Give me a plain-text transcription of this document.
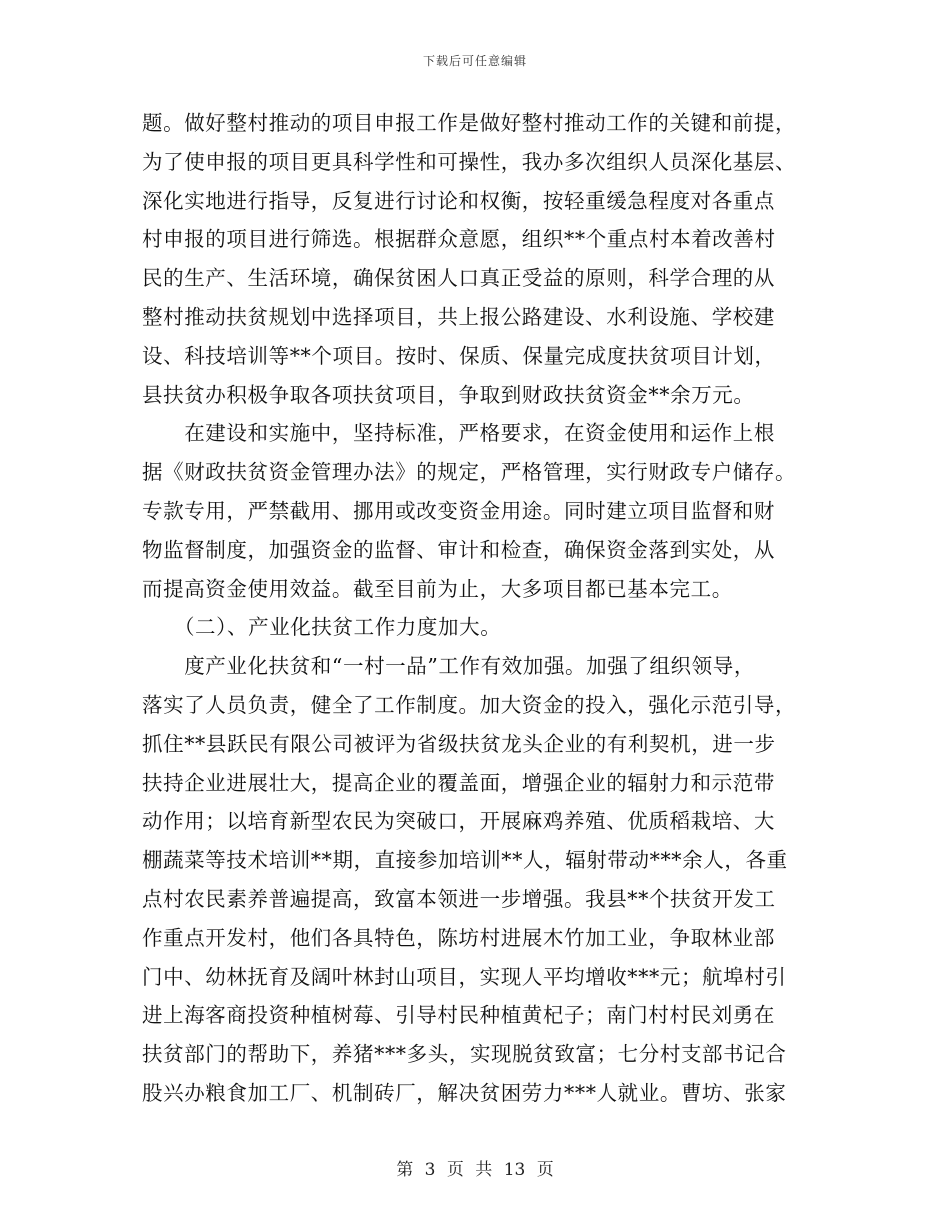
下载后可任意编辑
题。做好整村推动的项目申报工作是做好整村推动工作的关键和前提，
为了使申报的项目更具科学性和可操性，我办多次组织人员深化基层、
深化实地进行指导，反复进行讨论和权衡，按轻重缓急程度对各重点
村申报的项目进行筛选。根据群众意愿，组织**个重点村本着改善村
民的生产、生活环境，确保贫困人口真正受益的原则，科学合理的从
整村推动扶贫规划中选择项目，共上报公路建设、水利设施、学校建
设、科技培训等**个项目。按时、保质、保量完成度扶贫项目计划，
县扶贫办积极争取各项扶贫项目，争取到财政扶贫资金**余万元。
　　在建设和实施中，坚持标准，严格要求，在资金使用和运作上根
据《财政扶贫资金管理办法》的规定，严格管理，实行财政专户储存。
专款专用，严禁截用、挪用或改变资金用途。同时建立项目监督和财
物监督制度，加强资金的监督、审计和检查，确保资金落到实处，从
而提高资金使用效益。截至目前为止，大多项目都已基本完工。
　　（二）、产业化扶贫工作力度加大。
　　度产业化扶贫和“一村一品”工作有效加强。加强了组织领导，
落实了人员负责，健全了工作制度。加大资金的投入，强化示范引导，
抓住**县跃民有限公司被评为省级扶贫龙头企业的有利契机，进一步
扶持企业进展壮大，提高企业的覆盖面，增强企业的辐射力和示范带
动作用；以培育新型农民为突破口，开展麻鸡养殖、优质稻栽培、大
棚蔬菜等技术培训**期，直接参加培训**人，辐射带动***余人，各重
点村农民素养普遍提高，致富本领进一步增强。我县**个扶贫开发工
作重点开发村，他们各具特色，陈坊村进展木竹加工业，争取林业部
门中、幼林抚育及阔叶林封山项目，实现人平均增收***元；航埠村引
进上海客商投资种植树莓、引导村民种植黄杞子；南门村村民刘勇在
扶贫部门的帮助下，养猪***多头，实现脱贫致富；七分村支部书记合
股兴办粮食加工厂、机制砖厂，解决贫困劳力***人就业。曹坊、张家
第 3 页 共 13 页
